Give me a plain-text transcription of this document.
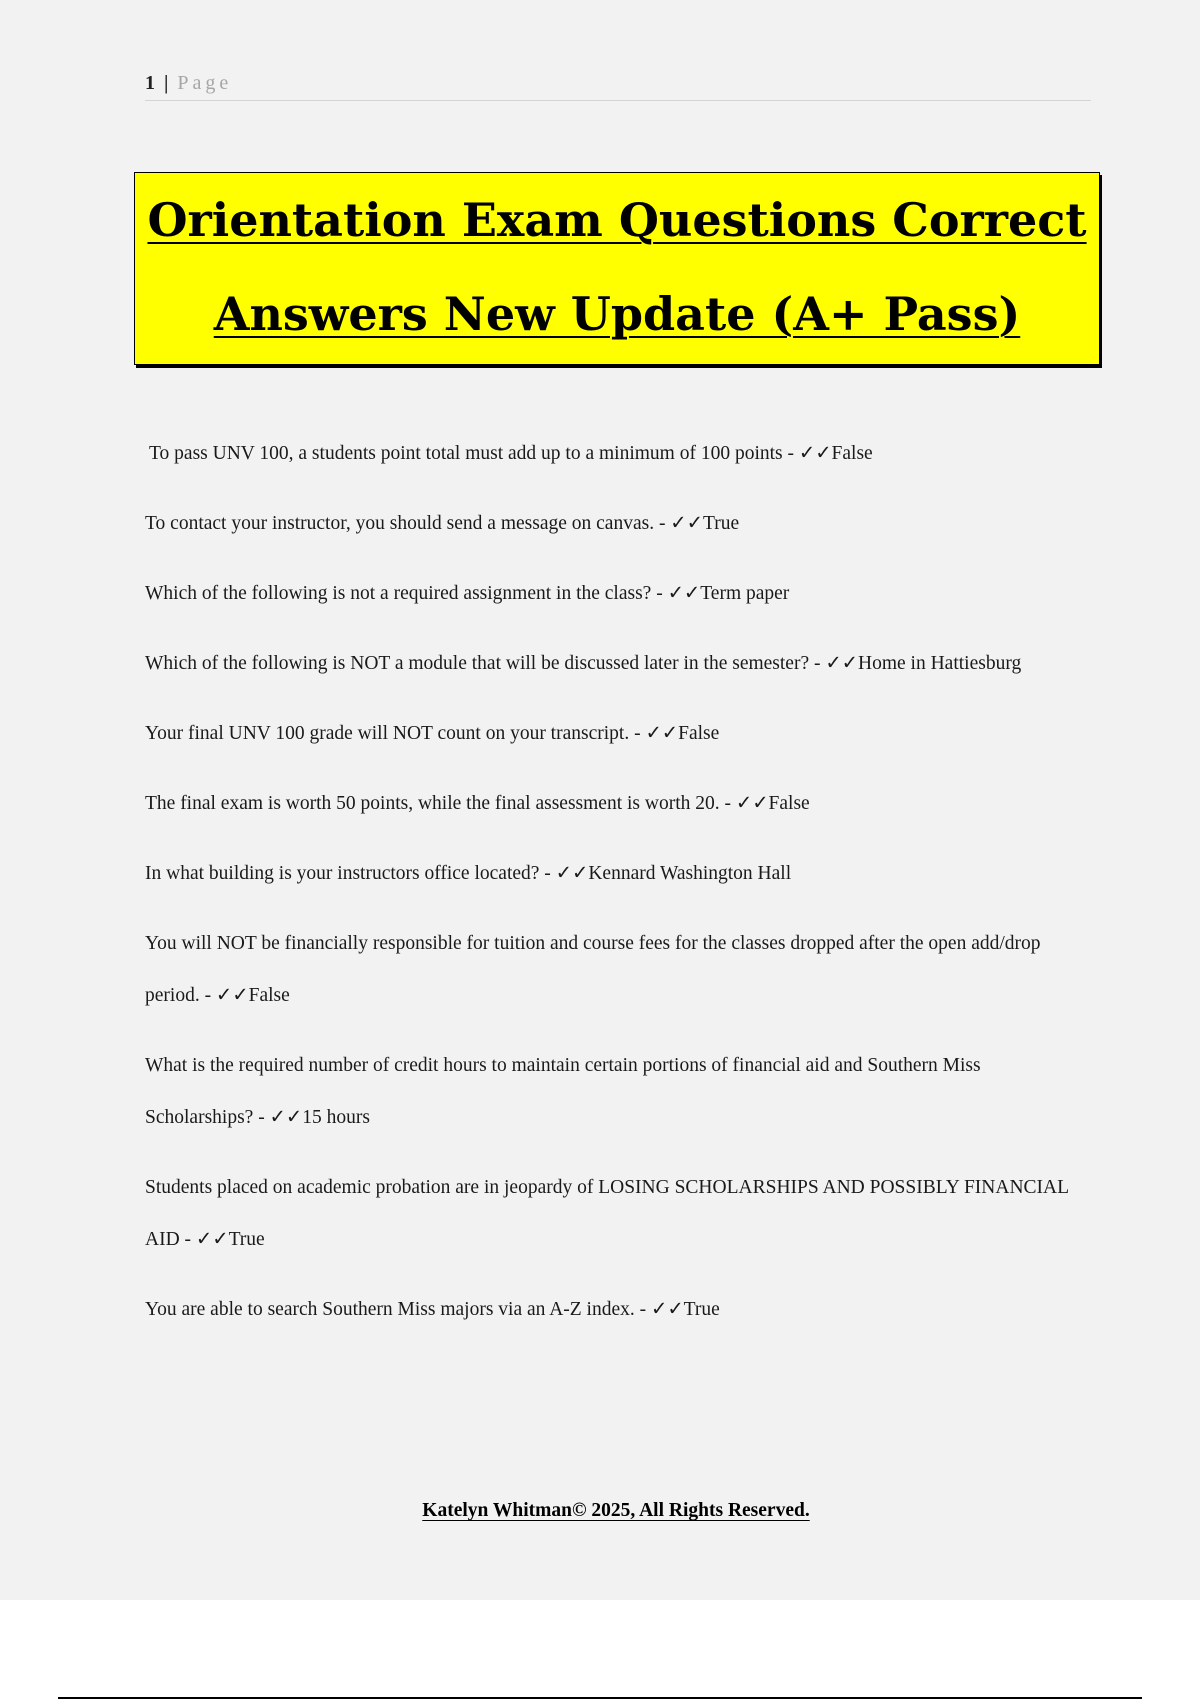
1 | Page
Orientation Exam Questions Correct
Answers New Update (A+ Pass)
To pass UNV 100, a students point total must add up to a minimum of 100 points - ✓✓False
To contact your instructor, you should send a message on canvas. - ✓✓True
Which of the following is not a required assignment in the class? - ✓✓Term paper
Which of the following is NOT a module that will be discussed later in the semester? - ✓✓Home in Hattiesburg
Your final UNV 100 grade will NOT count on your transcript. - ✓✓False
The final exam is worth 50 points, while the final assessment is worth 20. - ✓✓False
In what building is your instructors office located? - ✓✓Kennard Washington Hall
You will NOT be financially responsible for tuition and course fees for the classes dropped after the open add/drop period. - ✓✓False
What is the required number of credit hours to maintain certain portions of financial aid and Southern Miss Scholarships? - ✓✓15 hours
Students placed on academic probation are in jeopardy of LOSING SCHOLARSHIPS AND POSSIBLY FINANCIAL AID - ✓✓True
You are able to search Southern Miss majors via an A-Z index. - ✓✓True
Katelyn Whitman© 2025, All Rights Reserved.
